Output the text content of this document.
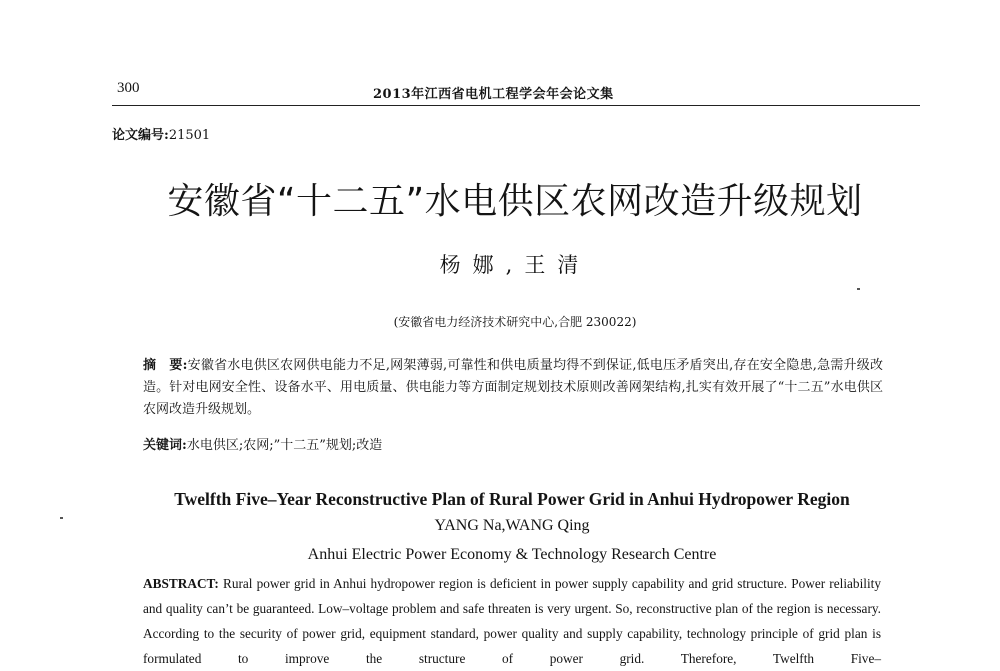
300	2013年江西省电机工程学会年会论文集
论文编号:21501
安徽省“十二五”水电供区农网改造升级规划
杨娜,王清
(安徽省电力经济技术研究中心,合肥 230022)
摘　要:安徽省水电供区农网供电能力不足,网架薄弱,可靠性和供电质量均得不到保证,低电压矛盾突出,存在安全隐患,急需升级改造。针对电网安全性、设备水平、用电质量、供电能力等方面制定规划技术原则改善网架结构,扎实有效开展了“十二五”水电供区农网改造升级规划。
关键词:水电供区;农网;”十二五”规划;改造
Twelfth Five–Year Reconstructive Plan of Rural Power Grid in Anhui Hydropower Region
YANG Na,WANG Qing
Anhui Electric Power Economy & Technology Research Centre
ABSTRACT: Rural power grid in Anhui hydropower region is deficient in power supply capability and grid structure. Power reliability and quality can’t be guaranteed. Low–voltage problem and safe threaten is very urgent. So, reconstructive plan of the region is necessary. According to the security of power grid, equipment standard, power quality and supply capability, technology principle of grid plan is formulated to improve the structure of power grid. Therefore, Twelfth Five–
